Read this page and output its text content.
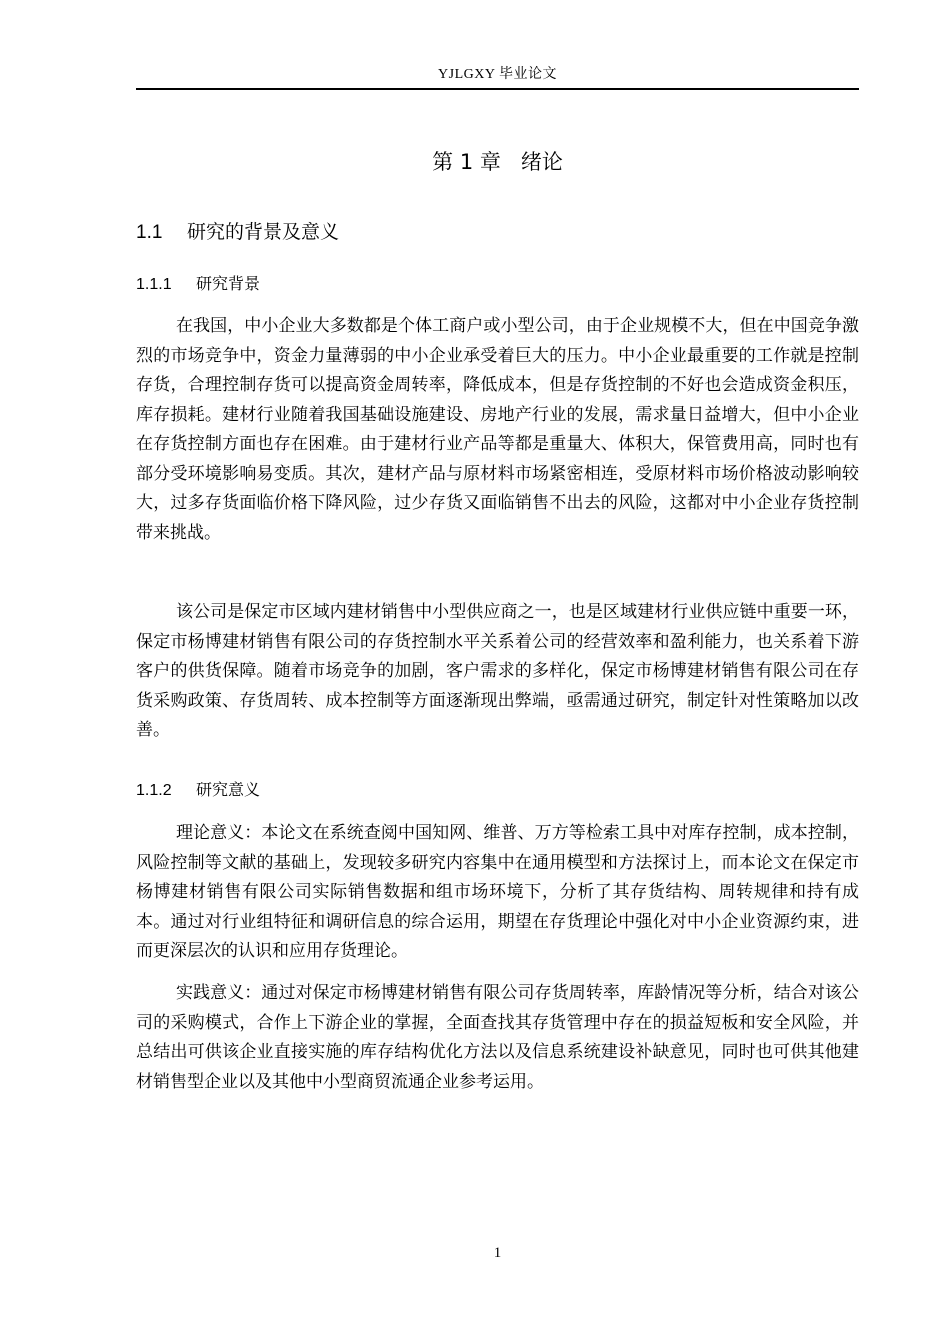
YJLGXY 毕业论文
第 1 章 绪论
1.1 研究的背景及意义
1.1.1 研究背景

在我国，中小企业大多数都是个体工商户或小型公司，由于企业规模不大，但在中国竞争激烈的市场竞争中，资金力量薄弱的中小企业承受着巨大的压力。中小企业最重要的工作就是控制存货，合理控制存货可以提高资金周转率，降低成本，但是存货控制的不好也会造成资金积压，库存损耗。建材行业随着我国基础设施建设、房地产行业的发展，需求量日益增大，但中小企业在存货控制方面也存在困难。由于建材行业产品等都是重量大、体积大，保管费用高，同时也有部分受环境影响易变质。其次，建材产品与原材料市场紧密相连，受原材料市场价格波动影响较大，过多存货面临价格下降风险，过少存货又面临销售不出去的风险，这都对中小企业存货控制带来挑战。

该公司是保定市区域内建材销售中小型供应商之一，也是区域建材行业供应链中重要一环，保定市杨博建材销售有限公司的存货控制水平关系着公司的经营效率和盈利能力，也关系着下游客户的供货保障。随着市场竞争的加剧，客户需求的多样化，保定市杨博建材销售有限公司在存货采购政策、存货周转、成本控制等方面逐渐现出弊端，亟需通过研究，制定针对性策略加以改善。

1.1.2 研究意义

理论意义：本论文在系统查阅中国知网、维普、万方等检索工具中对库存控制，成本控制，风险控制等文献的基础上，发现较多研究内容集中在通用模型和方法探讨上，而本论文在保定市杨博建材销售有限公司实际销售数据和组市场环境下，分析了其存货结构、周转规律和持有成本。通过对行业组特征和调研信息的综合运用，期望在存货理论中强化对中小企业资源约束，进而更深层次的认识和应用存货理论。

实践意义：通过对保定市杨博建材销售有限公司存货周转率，库龄情况等分析，结合对该公司的采购模式，合作上下游企业的掌握，全面查找其存货管理中存在的损益短板和安全风险，并总结出可供该企业直接实施的库存结构优化方法以及信息系统建设补缺意见，同时也可供其他建材销售型企业以及其他中小型商贸流通企业参考运用。

1
